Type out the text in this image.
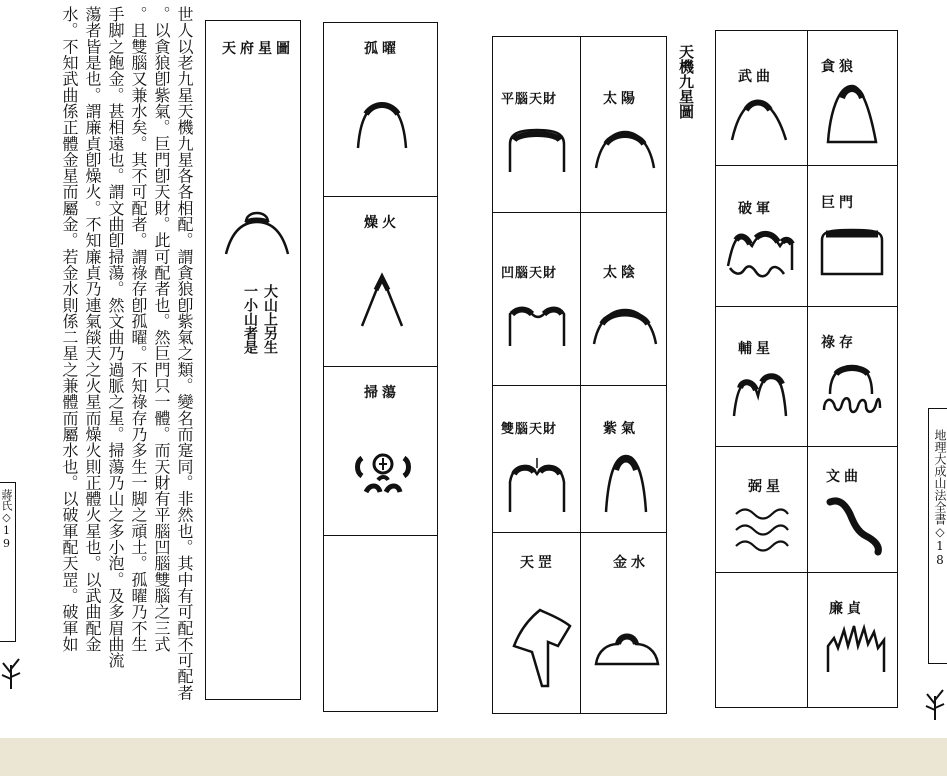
蔣氏◇19	世人以老九星天機九星各各相配。謂貪狼卽紫氣之類。變名而寔同。非然也。其中有可配不可配者
。以貪狼卽紫氣。巨門卽天財。此可配者也。然巨門只一體。而天財有平腦凹腦雙腦之三式
。且雙腦又兼水矣。其不可配者。謂祿存卽孤曜。不知祿存乃多生一脚之頑土。孤曜乃不生
手脚之飽金。甚相遠也。謂文曲卽掃蕩。然文曲乃過脈之星。掃蕩乃山之多小泡。及多眉曲流
蕩者皆是也。謂廉貞卽燥火。不知廉貞乃連氣燄天之火星而燥火則正體火星也。以武曲配金
水。不知武曲係正體金星而屬金。若金水則係二星之兼體而屬水也。以破軍配天罡。破軍如	天府星圖
大山上另生
一小山者是
孤曜
燥火
掃蕩
天機九星圖
太陽
平腦天財
太陰
凹腦天財
紫氣
雙腦天財
金水
天罡
貪狼
武曲
巨門
破軍
祿存
輔星
文曲
弼星
廉貞
地理大成山法全書◇18
